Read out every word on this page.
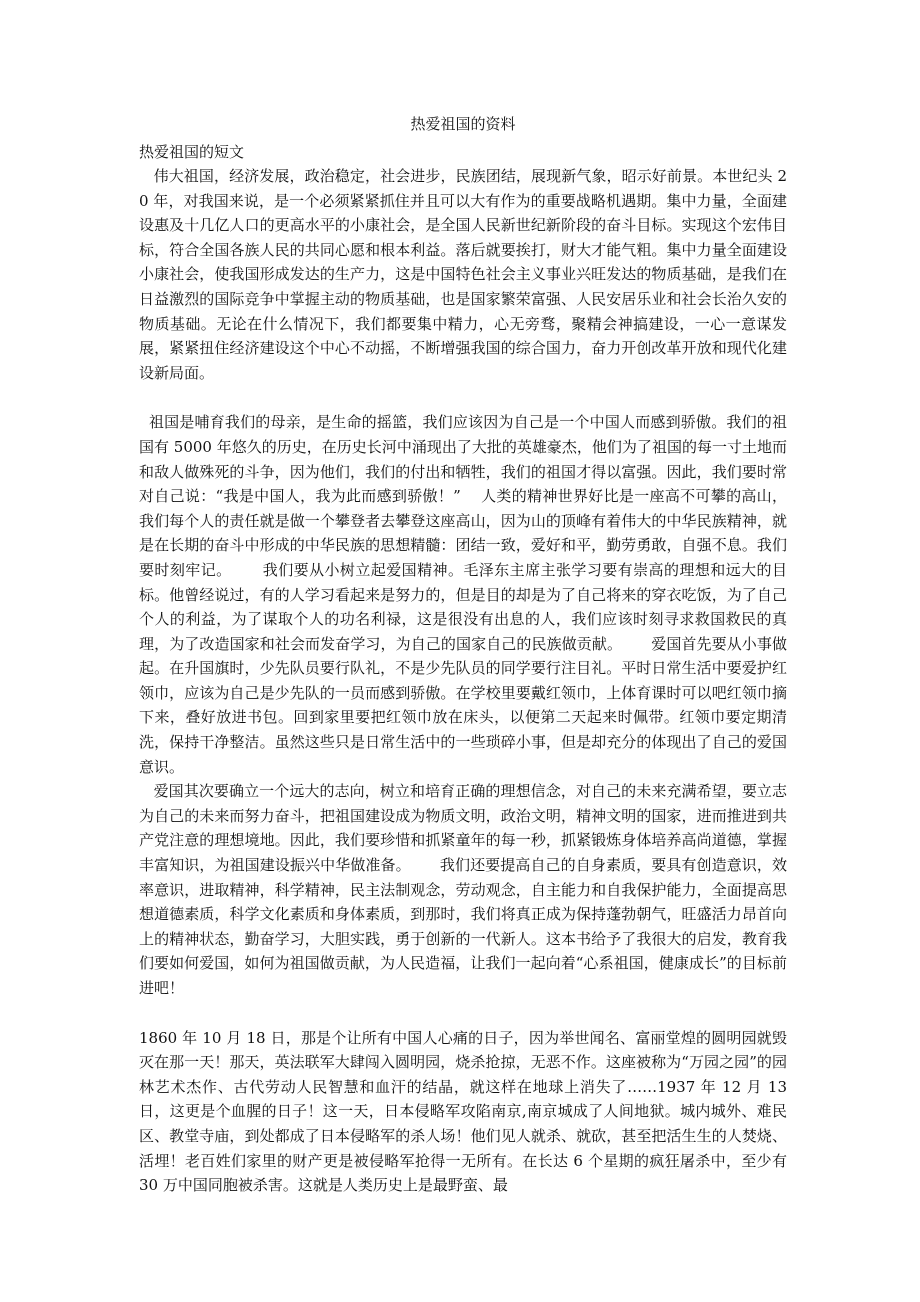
热爱祖国的资料

热爱祖国的短文

伟大祖国，经济发展，政治稳定，社会进步，民族团结，展现新气象，昭示好前景。本世纪头 20 年，对我国来说，是一个必须紧紧抓住并且可以大有作为的重要战略机遇期。集中力量，全面建设惠及十几亿人口的更高水平的小康社会，是全国人民新世纪新阶段的奋斗目标。实现这个宏伟目标，符合全国各族人民的共同心愿和根本利益。落后就要挨打，财大才能气粗。集中力量全面建设小康社会，使我国形成发达的生产力，这是中国特色社会主义事业兴旺发达的物质基础，是我们在日益激烈的国际竞争中掌握主动的物质基础，也是国家繁荣富强、人民安居乐业和社会长治久安的物质基础。无论在什么情况下，我们都要集中精力，心无旁骛，聚精会神搞建设，一心一意谋发展，紧紧扭住经济建设这个中心不动摇，不断增强我国的综合国力，奋力开创改革开放和现代化建设新局面。

祖国是哺育我们的母亲，是生命的摇篮，我们应该因为自己是一个中国人而感到骄傲。我们的祖国有 5000 年悠久的历史，在历史长河中涌现出了大批的英雄豪杰，他们为了祖国的每一寸土地而和敌人做殊死的斗争，因为他们，我们的付出和牺牲，我们的祖国才得以富强。因此，我们要时常对自己说：“我是中国人，我为此而感到骄傲！”    人类的精神世界好比是一座高不可攀的高山，我们每个人的责任就是做一个攀登者去攀登这座高山，因为山的顶峰有着伟大的中华民族精神，就是在长期的奋斗中形成的中华民族的思想精髓：团结一致，爱好和平，勤劳勇敢，自强不息。我们要时刻牢记。      我们要从小树立起爱国精神。毛泽东主席主张学习要有崇高的理想和远大的目标。他曾经说过，有的人学习看起来是努力的，但是目的却是为了自己将来的穿衣吃饭，为了自己个人的利益，为了谋取个人的功名利禄，这是很没有出息的人，我们应该时刻寻求救国救民的真理，为了改造国家和社会而发奋学习，为自己的国家自己的民族做贡献。      爱国首先要从小事做起。在升国旗时，少先队员要行队礼，不是少先队员的同学要行注目礼。平时日常生活中要爱护红领巾，应该为自己是少先队的一员而感到骄傲。在学校里要戴红领巾，上体育课时可以吧红领巾摘下来，叠好放进书包。回到家里要把红领巾放在床头，以便第二天起来时佩带。红领巾要定期清洗，保持干净整洁。虽然这些只是日常生活中的一些琐碎小事，但是却充分的体现出了自己的爱国意识。

爱国其次要确立一个远大的志向，树立和培育正确的理想信念，对自己的未来充满希望，要立志为自己的未来而努力奋斗，把祖国建设成为物质文明，政治文明，精神文明的国家，进而推进到共产党注意的理想境地。因此，我们要珍惜和抓紧童年的每一秒，抓紧锻炼身体培养高尚道德，掌握丰富知识，为祖国建设振兴中华做准备。      我们还要提高自己的自身素质，要具有创造意识，效率意识，进取精神，科学精神，民主法制观念，劳动观念，自主能力和自我保护能力，全面提高思想道德素质，科学文化素质和身体素质，到那时，我们将真正成为保持蓬勃朝气，旺盛活力昂首向上的精神状态，勤奋学习，大胆实践，勇于创新的一代新人。这本书给予了我很大的启发，教育我们要如何爱国，如何为祖国做贡献，为人民造福，让我们一起向着“心系祖国，健康成长”的目标前进吧！

1860 年 10 月 18 日，那是个让所有中国人心痛的日子，因为举世闻名、富丽堂煌的圆明园就毁灭在那一天！那天，英法联军大肆闯入圆明园，烧杀抢掠，无恶不作。这座被称为“万园之园”的园林艺术杰作、古代劳动人民智慧和血汗的结晶，就这样在地球上消失了……1937 年 12 月 13 日，这更是个血腥的日子！这一天，日本侵略军攻陷南京,南京城成了人间地狱。城内城外、难民区、教堂寺庙，到处都成了日本侵略军的杀人场！他们见人就杀、就砍，甚至把活生生的人焚烧、活埋！老百姓们家里的财产更是被侵略军抢得一无所有。在长达 6 个星期的疯狂屠杀中，至少有 30 万中国同胞被杀害。这就是人类历史上是最野蛮、最
